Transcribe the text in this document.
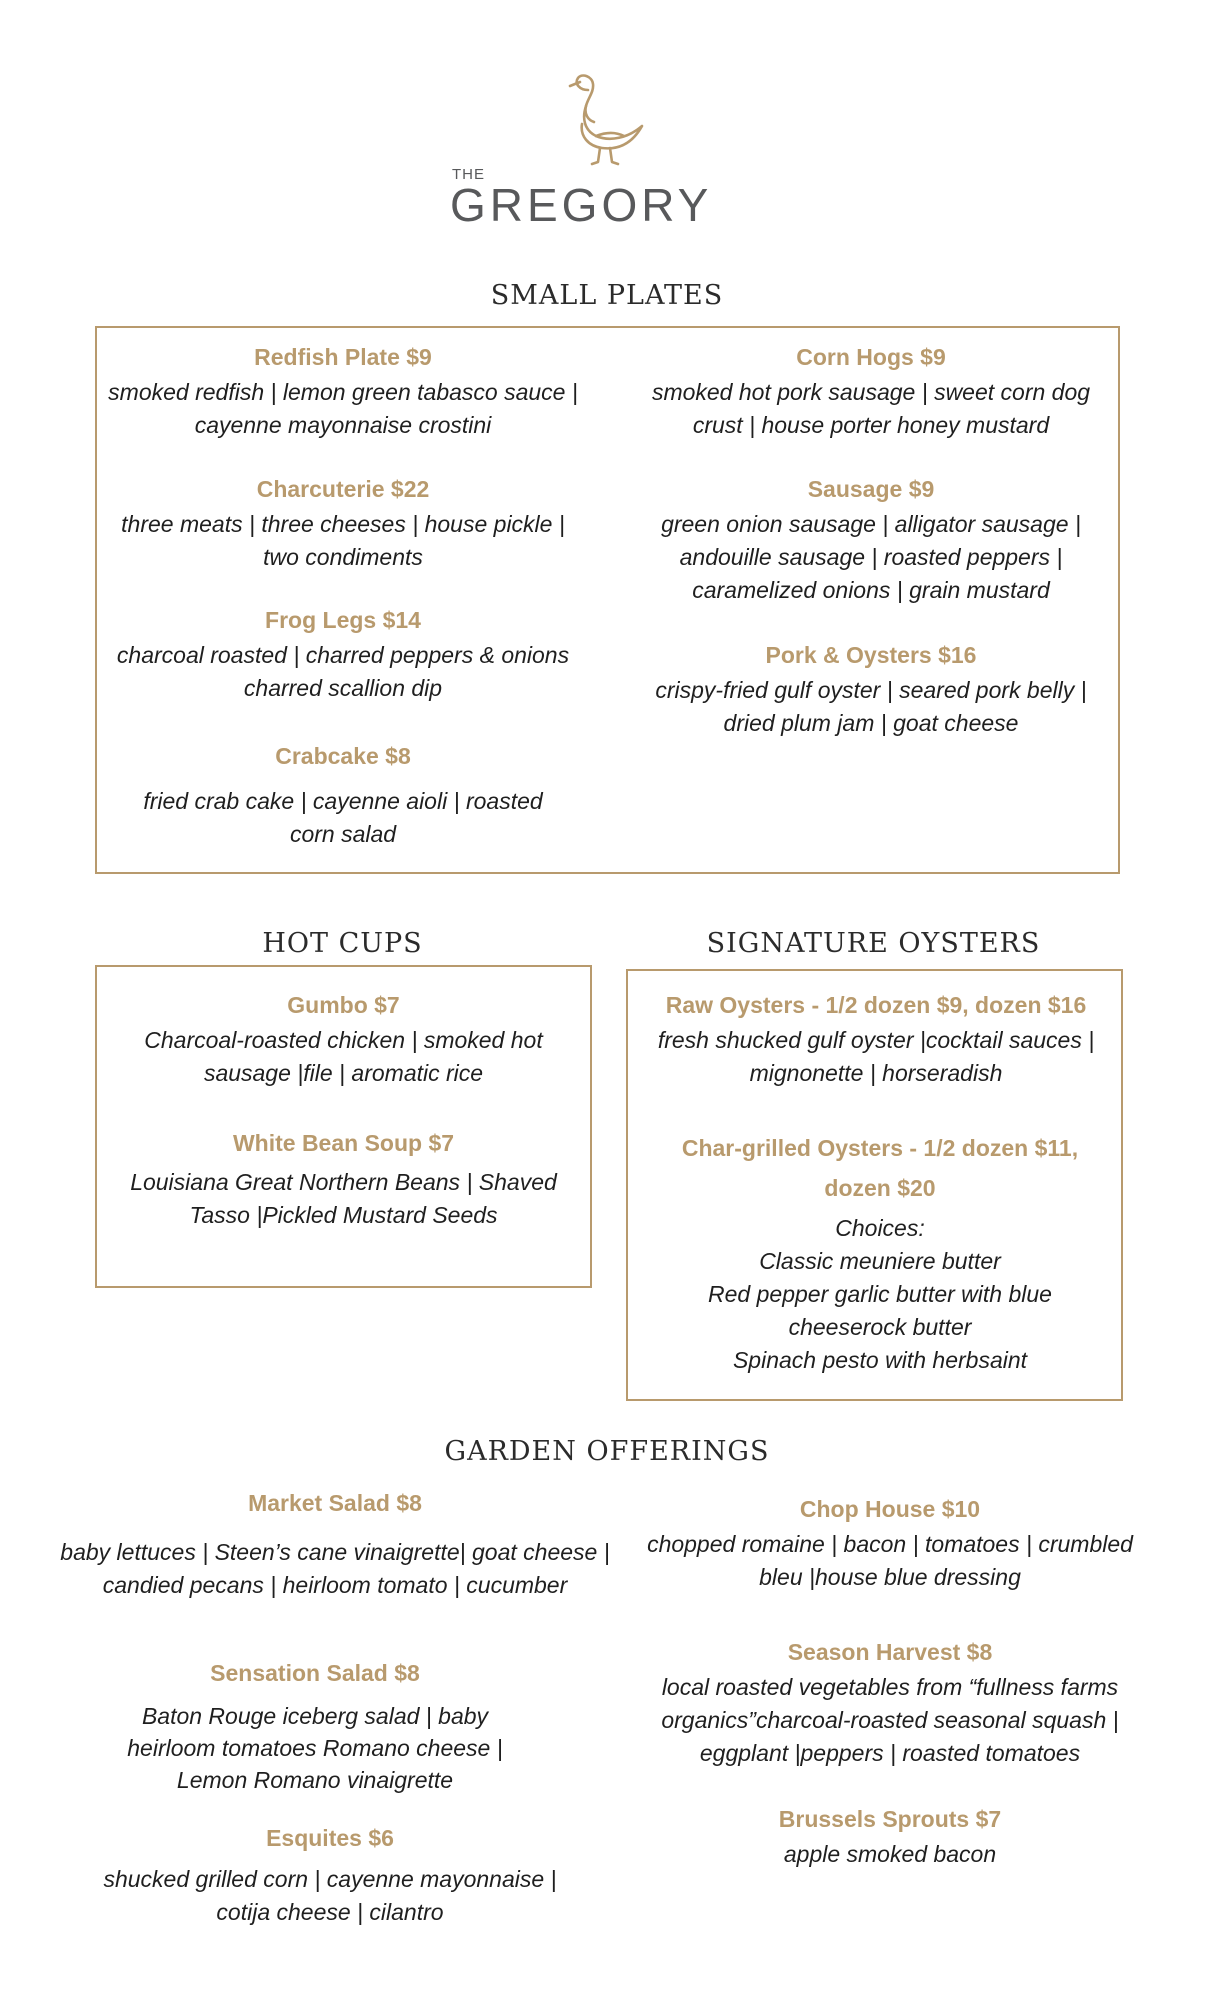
THE
GREGORY
SMALL PLATES
Redfish Plate $9
smoked redfish | lemon green tabasco sauce | cayenne mayonnaise crostini
Charcuterie $22
three meats | three cheeses | house pickle | two condiments
Frog Legs $14
charcoal roasted | charred peppers & onions charred scallion dip
Crabcake $8
fried crab cake | cayenne aioli | roasted corn salad
Corn Hogs $9
smoked hot pork sausage | sweet corn dog crust | house porter honey mustard
Sausage $9
green onion sausage | alligator sausage | andouille sausage | roasted peppers | caramelized onions | grain mustard
Pork & Oysters $16
crispy-fried gulf oyster | seared pork belly | dried plum jam | goat cheese
HOT CUPS
Gumbo $7
Charcoal-roasted chicken | smoked hot sausage |file | aromatic rice
White Bean Soup $7
Louisiana Great Northern Beans | Shaved Tasso |Pickled Mustard Seeds
SIGNATURE OYSTERS
Raw Oysters - 1/2 dozen $9, dozen $16
fresh shucked gulf oyster |cocktail sauces | mignonette | horseradish
Char-grilled Oysters - 1/2 dozen $11, dozen $20
Choices:
Classic meuniere butter
Red pepper garlic butter with blue
cheeserock butter
Spinach pesto with herbsaint
GARDEN OFFERINGS
Market Salad $8
baby lettuces | Steen’s cane vinaigrette| goat cheese | candied pecans | heirloom tomato | cucumber
Sensation Salad $8
Baton Rouge iceberg salad | baby heirloom tomatoes Romano cheese | Lemon Romano vinaigrette
Esquites $6
shucked grilled corn | cayenne mayonnaise | cotija cheese | cilantro
Chop House $10
chopped romaine | bacon | tomatoes | crumbled bleu |house blue dressing
Season Harvest $8
local roasted vegetables from “fullness farms organics”charcoal-roasted seasonal squash | eggplant |peppers | roasted tomatoes
Brussels Sprouts $7
apple smoked bacon
